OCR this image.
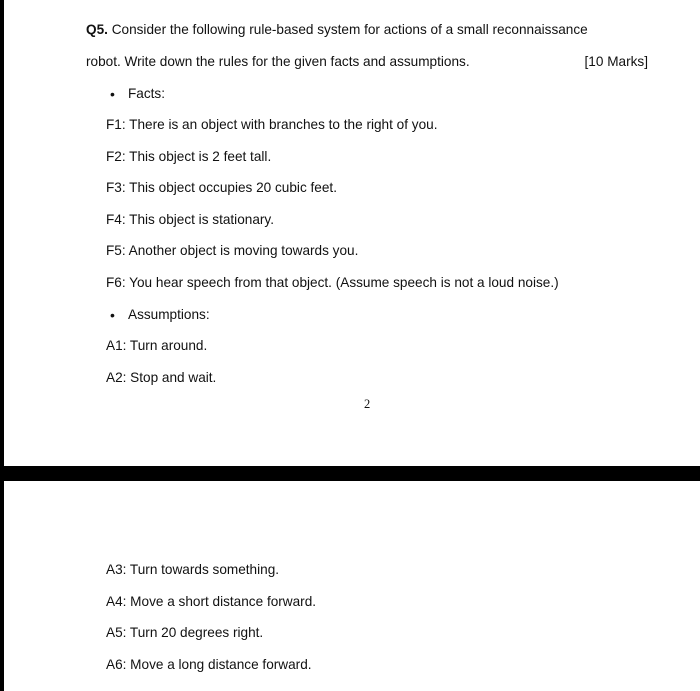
Q5. Consider the following rule-based system for actions of a small reconnaissance
robot. Write down the rules for the given facts and assumptions.	[10 Marks]
• Facts:
F1: There is an object with branches to the right of you.
F2: This object is 2 feet tall.
F3: This object occupies 20 cubic feet.
F4: This object is stationary.
F5: Another object is moving towards you.
F6: You hear speech from that object. (Assume speech is not a loud noise.)
• Assumptions:
A1: Turn around.
A2: Stop and wait.
2
A3: Turn towards something.
A4: Move a short distance forward.
A5: Turn 20 degrees right.
A6: Move a long distance forward.
